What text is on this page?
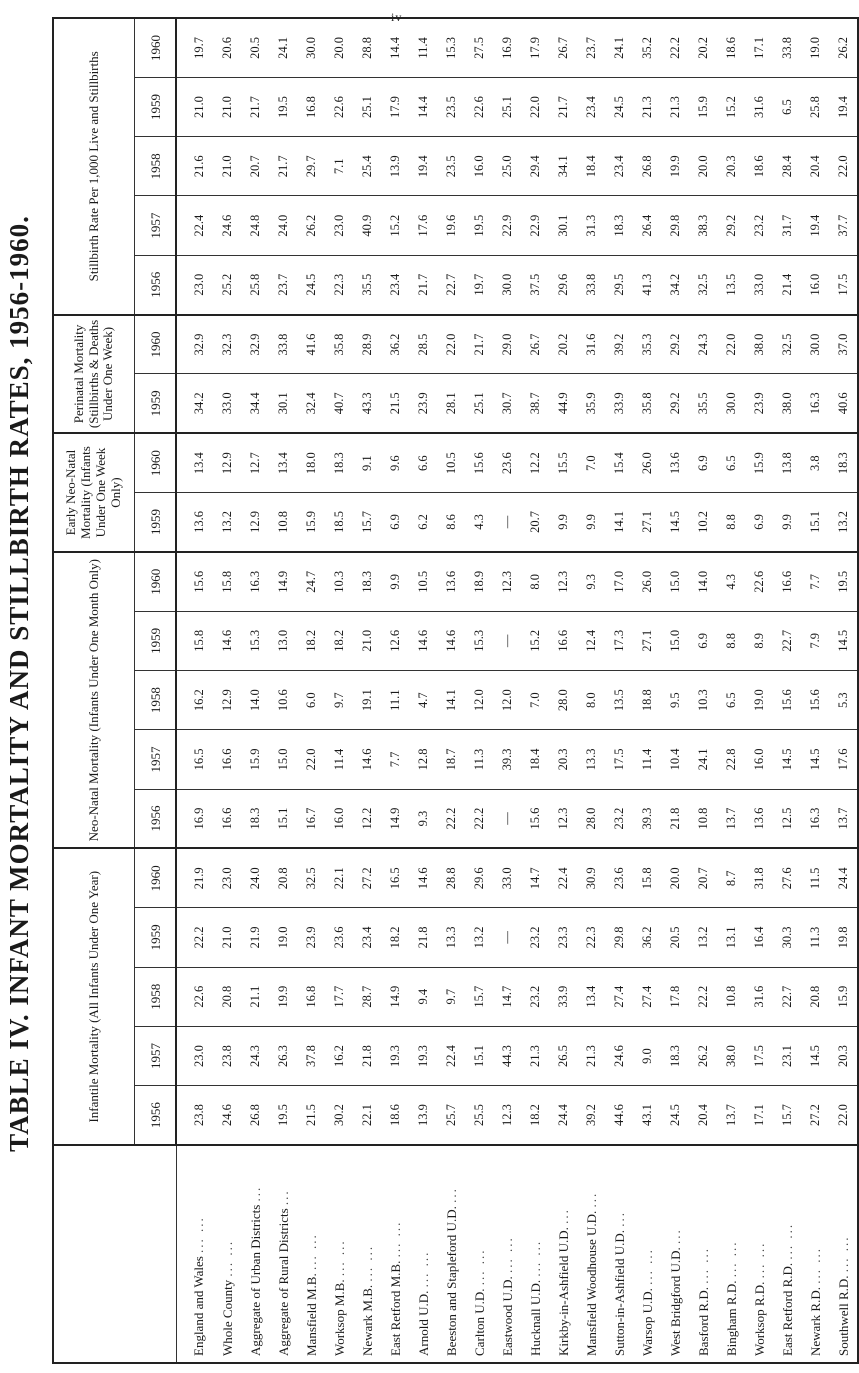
iv
TABLE IV. INFANT MORTALITY AND STILLBIRTH RATES, 1956-1960.
		Infantile Mortality (All Infants Under One Year)					Neo-Natal Mortality (Infants Under One Month Only)					Early Neo-Natal Mortality (Infants Under One Week Only)		Perinatal Mortality (Stillbirths & Deaths Under One Week)		Stillbirth Rate Per 1,000 Live and Stillbirths				
	1956	1957	1958	1959	1960	1956	1957	1958	1959	1960	1959	1960	1959	1960	1956	1957	1958	1959	1960
England and Wales ... ...	23.8	23.0	22.6	22.2	21.9	16.9	16.5	16.2	15.8	15.6	13.6	13.4	34.2	32.9	23.0	22.4	21.6	21.0	19.7
Whole County ... ...	24.6	23.8	20.8	21.0	23.0	16.6	16.6	12.9	14.6	15.8	13.2	12.9	33.0	32.3	25.2	24.6	21.0	21.0	20.6
Aggregate of Urban Districts ...	26.8	24.3	21.1	21.9	24.0	18.3	15.9	14.0	15.3	16.3	12.9	12.7	34.4	32.9	25.8	24.8	20.7	21.7	20.5
Aggregate of Rural Districts ...	19.5	26.3	19.9	19.0	20.8	15.1	15.0	10.6	13.0	14.9	10.8	13.4	30.1	33.8	23.7	24.0	21.7	19.5	24.1
Mansfield M.B. ... ...	21.5	37.8	16.8	23.9	32.5	16.7	22.0	6.0	18.2	24.7	15.9	18.0	32.4	41.6	24.5	26.2	29.7	16.8	30.0
Worksop M.B. ... ...	30.2	16.2	17.7	23.6	22.1	16.0	11.4	9.7	18.2	10.3	18.5	18.3	40.7	35.8	22.3	23.0	7.1	22.6	20.0
Newark M.B. ... ...	22.1	21.8	28.7	23.4	27.2	12.2	14.6	19.1	21.0	18.3	15.7	9.1	43.3	28.9	35.5	40.9	25.4	25.1	28.8
East Retford M.B. ... ...	18.6	19.3	14.9	18.2	16.5	14.9	7.7	11.1	12.6	9.9	6.9	9.6	21.5	36.2	23.4	15.2	13.9	17.9	14.4
Arnold U.D. ... ...	13.9	19.3	9.4	21.8	14.6	9.3	12.8	4.7	14.6	10.5	6.2	6.6	23.9	28.5	21.7	17.6	19.4	14.4	11.4
Beeston and Stapleford U.D. ...	25.7	22.4	9.7	13.3	28.8	22.2	18.7	14.1	14.6	13.6	8.6	10.5	28.1	22.0	22.7	19.6	23.5	23.5	15.3
Carlton U.D. ... ...	25.5	15.1	15.7	13.2	29.6	22.2	11.3	12.0	15.3	18.9	4.3	15.6	25.1	21.7	19.7	19.5	16.0	22.6	27.5
Eastwood U.D. ... ...	12.3	44.3	14.7	—	33.0	—	39.3	12.0	—	12.3	—	23.6	30.7	29.0	30.0	22.9	25.0	25.1	16.9
Hucknall U.D. ... ...	18.2	21.3	23.2	23.2	14.7	15.6	18.4	7.0	15.2	8.0	20.7	12.2	38.7	26.7	37.5	22.9	29.4	22.0	17.9
Kirkby-in-Ashfield U.D. ...	24.4	26.5	33.9	23.3	22.4	12.3	20.3	28.0	16.6	12.3	9.9	15.5	44.9	20.2	29.6	30.1	34.1	21.7	26.7
Mansfield Woodhouse U.D. ...	39.2	21.3	13.4	22.3	30.9	28.0	13.3	8.0	12.4	9.3	9.9	7.0	35.9	31.6	33.8	31.3	18.4	23.4	23.7
Sutton-in-Ashfield U.D. ...	44.6	24.6	27.4	29.8	23.6	23.2	17.5	13.5	17.3	17.0	14.1	15.4	33.9	39.2	29.5	18.3	23.4	24.5	24.1
Warsop U.D. ... ...	43.1	9.0	27.4	36.2	15.8	39.3	11.4	18.8	27.1	26.0	27.1	26.0	35.8	35.3	41.3	26.4	26.8	21.3	35.2
West Bridgford U.D. ...	24.5	18.3	17.8	20.5	20.0	21.8	10.4	9.5	15.0	15.0	14.5	13.6	29.2	29.2	34.2	29.8	19.9	21.3	22.2
Basford R.D. ... ...	20.4	26.2	22.2	13.2	20.7	10.8	24.1	10.3	6.9	14.0	10.2	6.9	35.5	24.3	32.5	38.3	20.0	15.9	20.2
Bingham R.D. ... ...	13.7	38.0	10.8	13.1	8.7	13.7	22.8	6.5	8.8	4.3	8.8	6.5	30.0	22.0	13.5	29.2	20.3	15.2	18.6
Worksop R.D. ... ...	17.1	17.5	31.6	16.4	31.8	13.6	16.0	19.0	8.9	22.6	6.9	15.9	23.9	38.0	33.0	23.2	18.6	31.6	17.1
East Retford R.D. ... ...	15.7	23.1	22.7	30.3	27.6	12.5	14.5	15.6	22.7	16.6	9.9	13.8	38.0	32.5	21.4	31.7	28.4	6.5	33.8
Newark R.D. ... ...	27.2	14.5	20.8	11.3	11.5	16.3	14.5	15.6	7.9	7.7	15.1	3.8	16.3	30.0	16.0	19.4	20.4	25.8	19.0
Southwell R.D. ... ...	22.0	20.3	15.9	19.8	24.4	13.7	17.6	5.3	14.5	19.5	13.2	18.3	40.6	37.0	17.5	37.7	22.0	19.4	26.2
